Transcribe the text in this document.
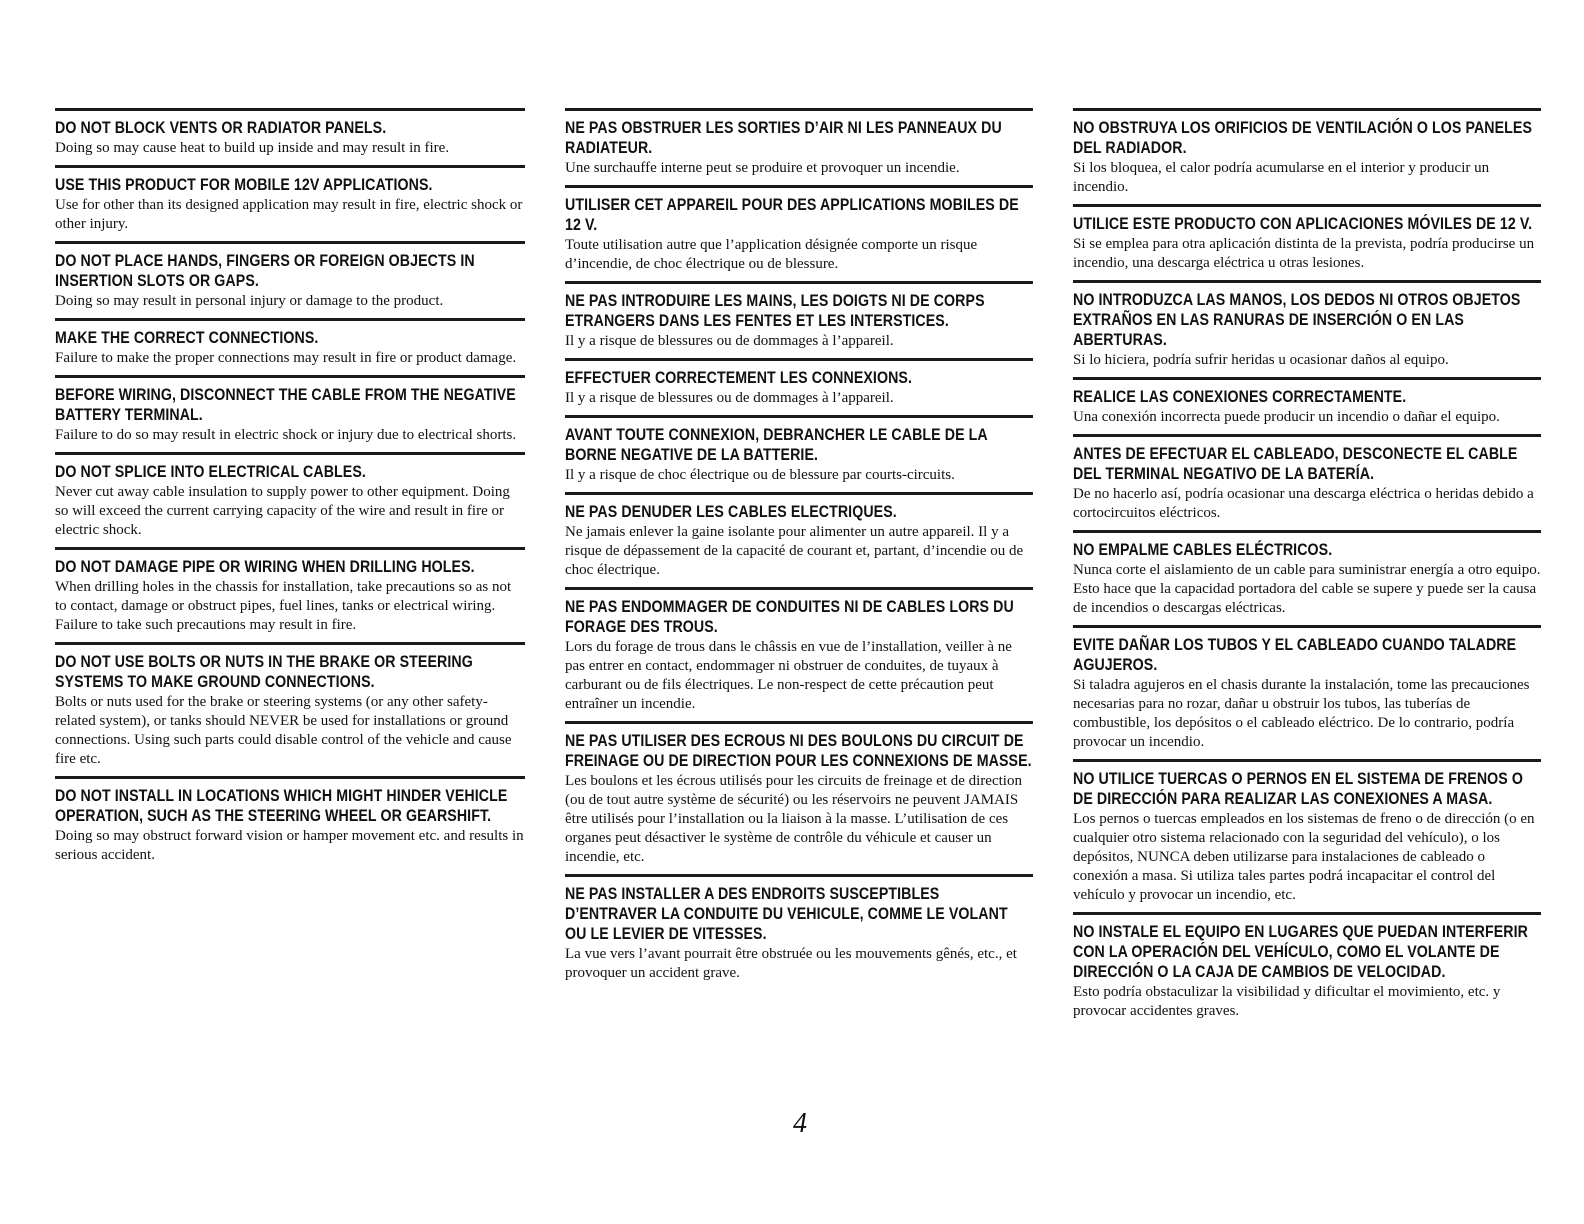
DO NOT BLOCK VENTS OR RADIATOR PANELS.

Doing so may cause heat to build up inside and may result in fire.

USE THIS PRODUCT FOR MOBILE 12V APPLICATIONS.

Use for other than its designed application may result in fire, electric shock or other injury.

DO NOT PLACE HANDS, FINGERS OR FOREIGN OBJECTS IN INSERTION SLOTS OR GAPS.

Doing so may result in personal injury or damage to the product.

MAKE THE CORRECT CONNECTIONS.

Failure to make the proper connections may result in fire or product damage.

BEFORE WIRING, DISCONNECT THE CABLE FROM THE NEGATIVE BATTERY TERMINAL.

Failure to do so may result in electric shock or injury due to electrical shorts.

DO NOT SPLICE INTO ELECTRICAL CABLES.

Never cut away cable insulation to supply power to other equipment. Doing so will exceed the current carrying capacity of the wire and result in fire or electric shock.

DO NOT DAMAGE PIPE OR WIRING WHEN DRILLING HOLES.

When drilling holes in the chassis for installation, take precautions so as not to contact, damage or obstruct pipes, fuel lines, tanks or electrical wiring. Failure to take such precautions may result in fire.

DO NOT USE BOLTS OR NUTS IN THE BRAKE OR STEERING SYSTEMS TO MAKE GROUND CONNECTIONS.

Bolts or nuts used for the brake or steering systems (or any other safety-related system), or tanks should NEVER be used for installations or ground connections. Using such parts could disable control of the vehicle and cause fire etc.

DO NOT INSTALL IN LOCATIONS WHICH MIGHT HINDER VEHICLE OPERATION, SUCH AS THE STEERING WHEEL OR GEARSHIFT.

Doing so may obstruct forward vision or hamper movement etc. and results in serious accident.

NE PAS OBSTRUER LES SORTIES D’AIR NI LES PANNEAUX DU RADIATEUR.

Une surchauffe interne peut se produire et provoquer un incendie.

UTILISER CET APPAREIL POUR DES APPLICATIONS MOBILES DE 12 V.

Toute utilisation autre que l’application désignée comporte un risque d’incendie, de choc électrique ou de blessure.

NE PAS INTRODUIRE LES MAINS, LES DOIGTS NI DE CORPS ETRANGERS DANS LES FENTES ET LES INTERSTICES.

Il y a risque de blessures ou de dommages à l’appareil.

EFFECTUER CORRECTEMENT LES CONNEXIONS.

Il y a risque de blessures ou de dommages à l’appareil.

AVANT TOUTE CONNEXION, DEBRANCHER LE CABLE DE LA BORNE NEGATIVE DE LA BATTERIE.

Il y a risque de choc électrique ou de blessure par courts-circuits.

NE PAS DENUDER LES CABLES ELECTRIQUES.

Ne jamais enlever la gaine isolante pour alimenter un autre appareil. Il y a risque de dépassement de la capacité de courant et, partant, d’incendie ou de choc électrique.

NE PAS ENDOMMAGER DE CONDUITES NI DE CABLES LORS DU FORAGE DES TROUS.

Lors du forage de trous dans le châssis en vue de l’installation, veiller à ne pas entrer en contact, endommager ni obstruer de conduites, de tuyaux à carburant ou de fils électriques. Le non-respect de cette précaution peut entraîner un incendie.

NE PAS UTILISER DES ECROUS NI DES BOULONS DU CIRCUIT DE FREINAGE OU DE DIRECTION POUR LES CONNEXIONS DE MASSE.

Les boulons et les écrous utilisés pour les circuits de freinage et de direction (ou de tout autre système de sécurité) ou les réservoirs ne peuvent JAMAIS être utilisés pour l’installation ou la liaison à la masse. L’utilisation de ces organes peut désactiver le système de contrôle du véhicule et causer un incendie, etc.

NE PAS INSTALLER A DES ENDROITS SUSCEPTIBLES D’ENTRAVER LA CONDUITE DU VEHICULE, COMME LE VOLANT OU LE LEVIER DE VITESSES.

La vue vers l’avant pourrait être obstruée ou les mouvements gênés, etc., et provoquer un accident grave.

NO OBSTRUYA LOS ORIFICIOS DE VENTILACIÓN O LOS PANELES DEL RADIADOR.

Si los bloquea, el calor podría acumularse en el interior y producir un incendio.

UTILICE ESTE PRODUCTO CON APLICACIONES MÓVILES DE 12 V.

Si se emplea para otra aplicación distinta de la prevista, podría producirse un incendio, una descarga eléctrica u otras lesiones.

NO INTRODUZCA LAS MANOS, LOS DEDOS NI OTROS OBJETOS EXTRAÑOS EN LAS RANURAS DE INSERCIÓN O EN LAS ABERTURAS.

Si lo hiciera, podría sufrir heridas u ocasionar daños al equipo.

REALICE LAS CONEXIONES CORRECTAMENTE.

Una conexión incorrecta puede producir un incendio o dañar el equipo.

ANTES DE EFECTUAR EL CABLEADO, DESCONECTE EL CABLE DEL TERMINAL NEGATIVO DE LA BATERÍA.

De no hacerlo así, podría ocasionar una descarga eléctrica o heridas debido a cortocircuitos eléctricos.

NO EMPALME CABLES ELÉCTRICOS.

Nunca corte el aislamiento de un cable para suministrar energía a otro equipo. Esto hace que la capacidad portadora del cable se supere y puede ser la causa de incendios o descargas eléctricas.

EVITE DAÑAR LOS TUBOS Y EL CABLEADO CUANDO TALADRE AGUJEROS.

Si taladra agujeros en el chasis durante la instalación, tome las precauciones necesarias para no rozar, dañar u obstruir los tubos, las tuberías de combustible, los depósitos o el cableado eléctrico. De lo contrario, podría provocar un incendio.

NO UTILICE TUERCAS O PERNOS EN EL SISTEMA DE FRENOS O DE DIRECCIÓN PARA REALIZAR LAS CONEXIONES A MASA.

Los pernos o tuercas empleados en los sistemas de freno o de dirección (o en cualquier otro sistema relacionado con la seguridad del vehículo), o los depósitos, NUNCA deben utilizarse para instalaciones de cableado o conexión a masa. Si utiliza tales partes podrá incapacitar el control del vehículo y provocar un incendio, etc.

NO INSTALE EL EQUIPO EN LUGARES QUE PUEDAN INTERFERIR CON LA OPERACIÓN DEL VEHÍCULO, COMO EL VOLANTE DE DIRECCIÓN O LA CAJA DE CAMBIOS DE VELOCIDAD.

Esto podría obstaculizar la visibilidad y dificultar el movimiento, etc. y provocar accidentes graves.

4
